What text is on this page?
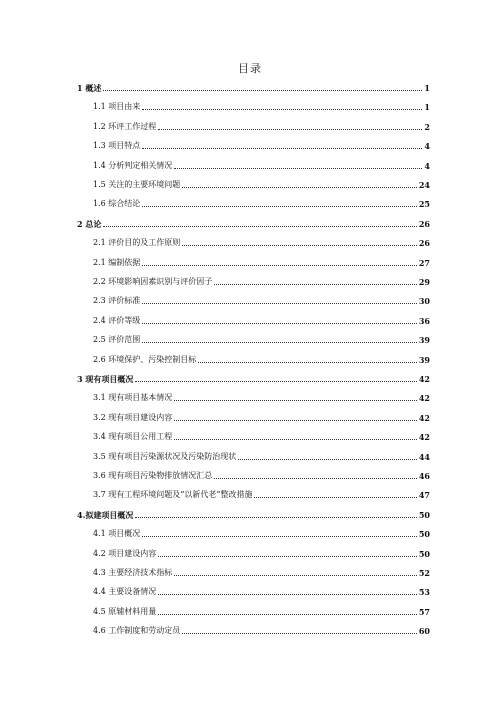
目录
1 概述	1
1.1 项目由来	1
1.2 环评工作过程	2
1.3 项目特点	4
1.4 分析判定相关情况	4
1.5 关注的主要环境问题	24
1.6 综合结论	25
2 总论	26
2.1 评价目的及工作原则	26
2.1 编制依据	27
2.2 环境影响因素识别与评价因子	29
2.3 评价标准	30
2.4 评价等级	36
2.5 评价范围	39
2.6 环境保护、污染控制目标	39
3 现有项目概况	42
3.1 现有项目基本情况	42
3.2 现有项目建设内容	42
3.4 现有项目公用工程	42
3.5 现有项目污染源状况及污染防治现状	44
3.6 现有项目污染物排放情况汇总	46
3.7 现有工程环境问题及“以新代老”整改措施	47
4.拟建项目概况	50
4.1 项目概况	50
4.2 项目建设内容	50
4.3 主要经济技术指标	52
4.4 主要设备情况	53
4.5 原辅材料用量	57
4.6 工作制度和劳动定员	60
